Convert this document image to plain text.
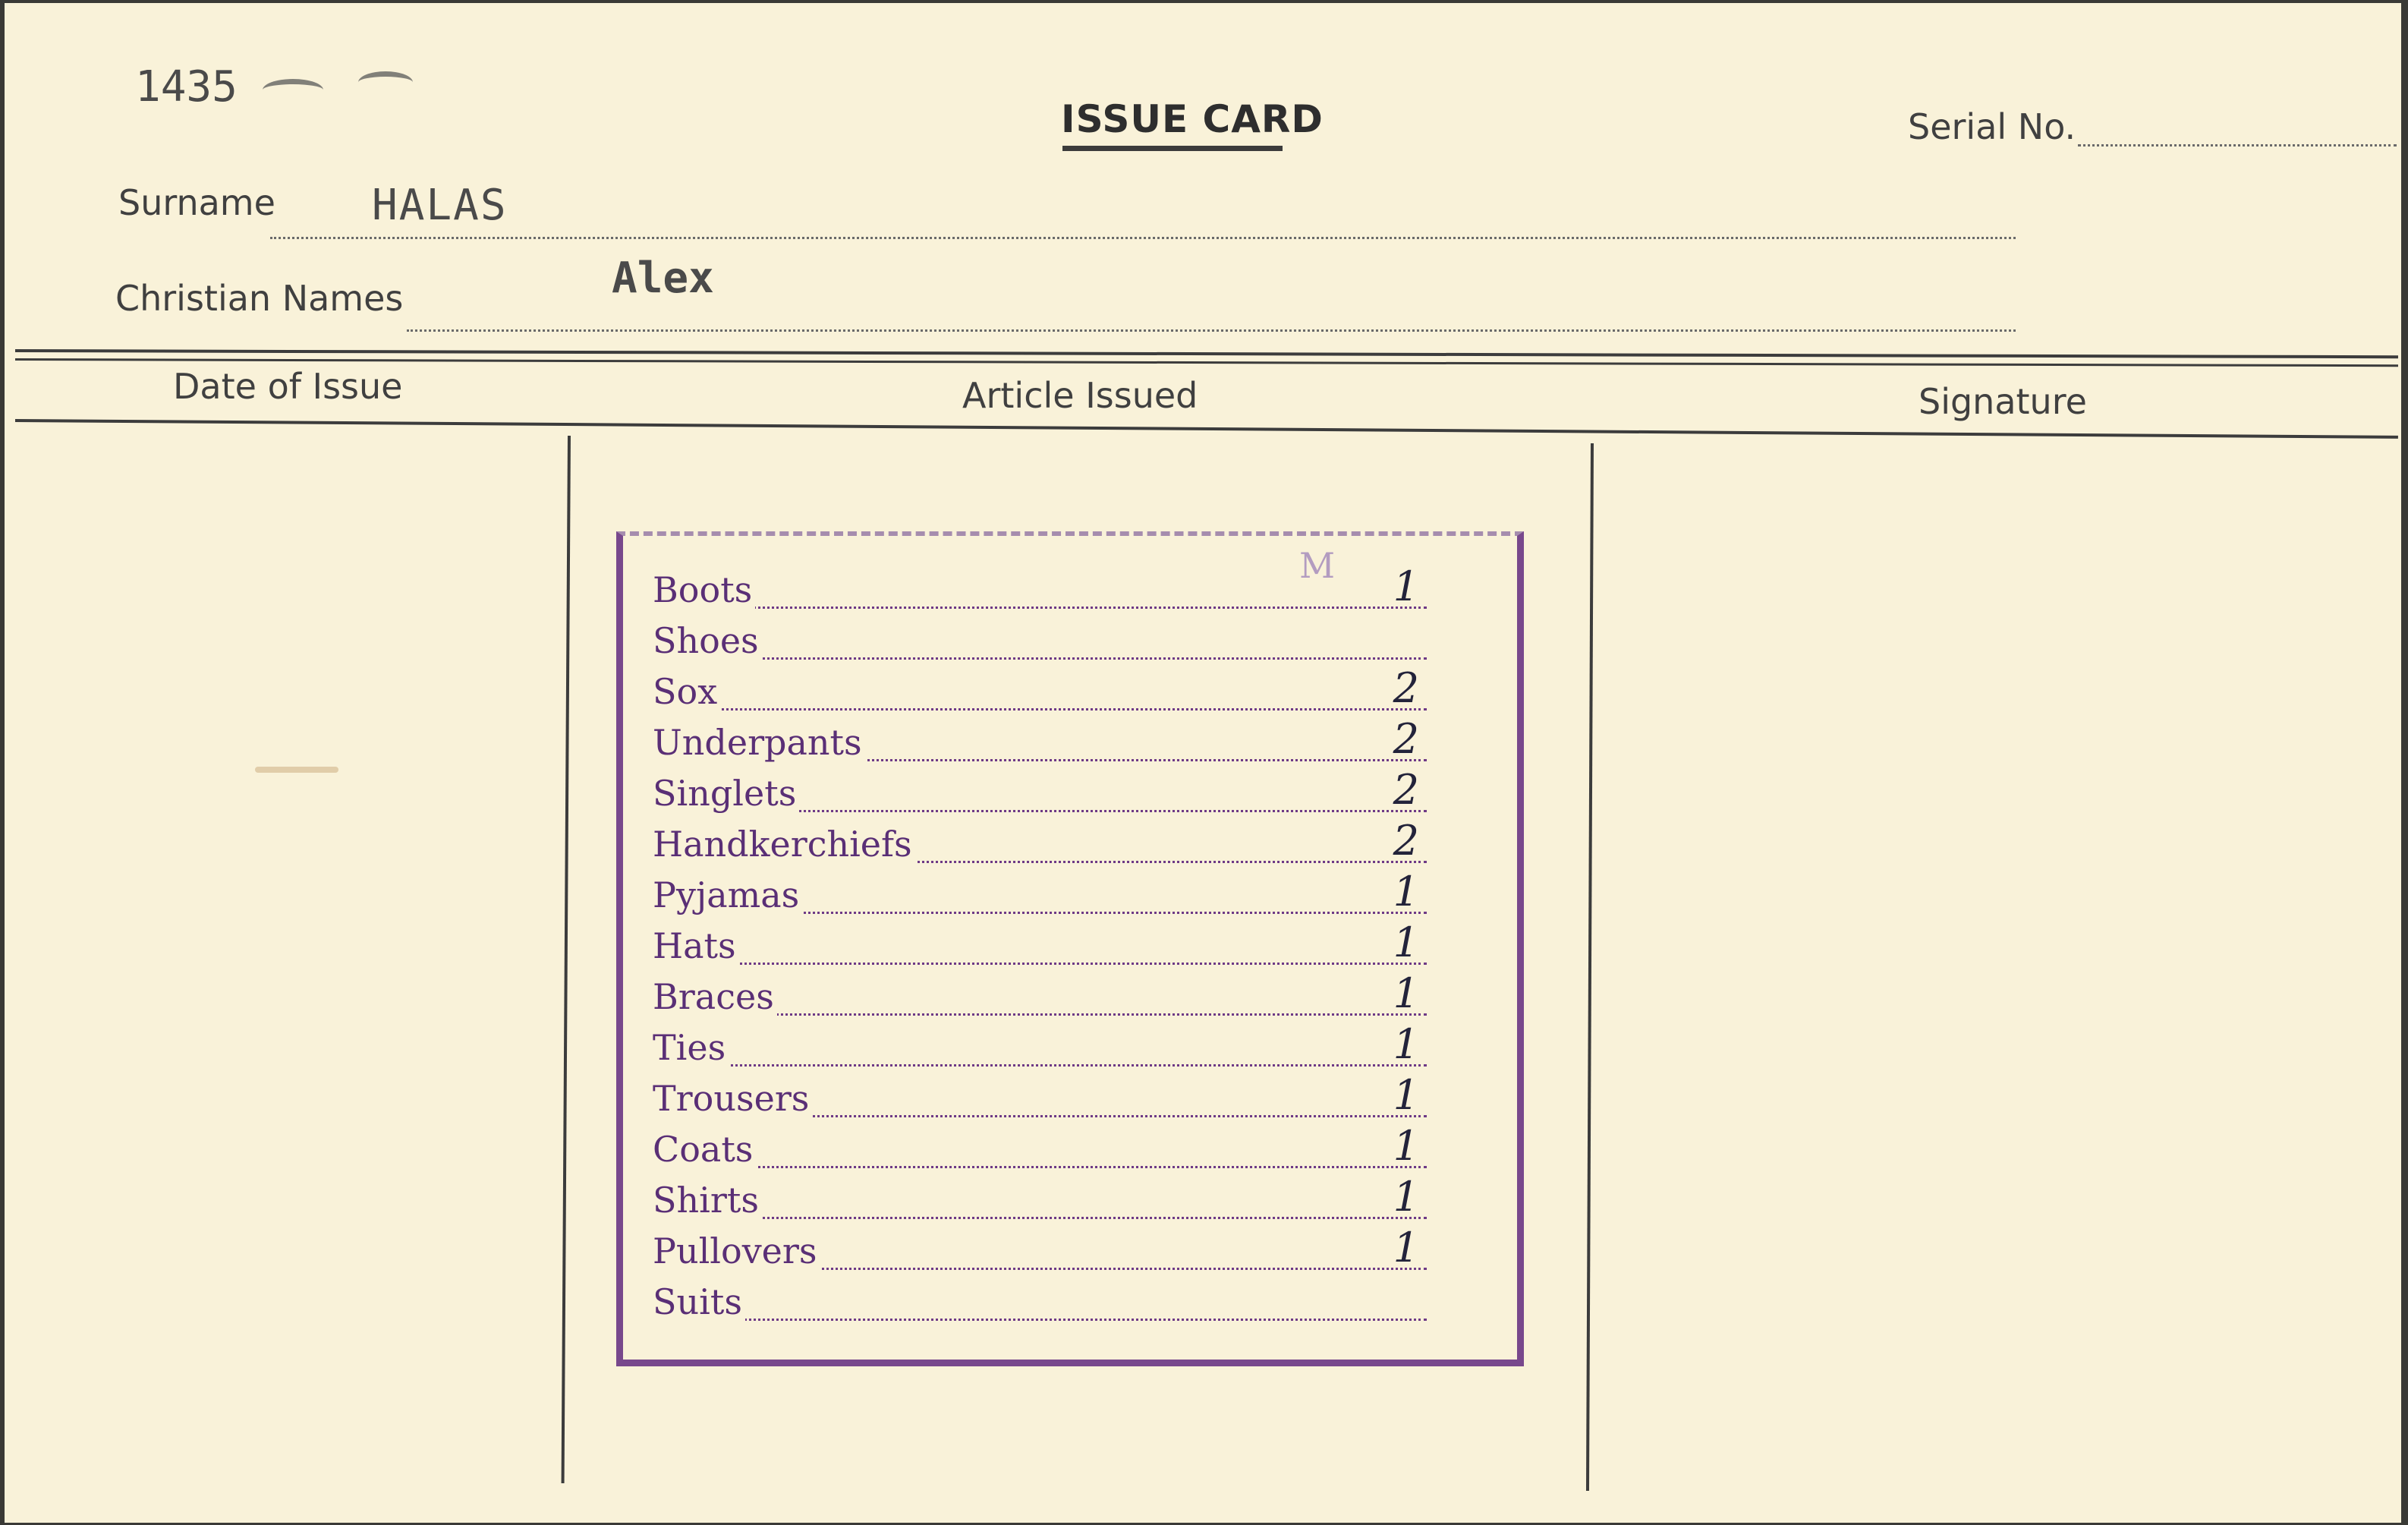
1435
ISSUE CARD	Serial No.
Surname HALAS
Christian Names	Alex
Date of Issue	Article Issued	Signature
M
Boots	1
Shoes
Sox	2
Underpants	2
Singlets	2
Handkerchiefs	2
Pyjamas	1
Hats	1
Braces	1
Ties	1
Trousers	1
Coats	1
Shirts	1
Pullovers	1
Suits
